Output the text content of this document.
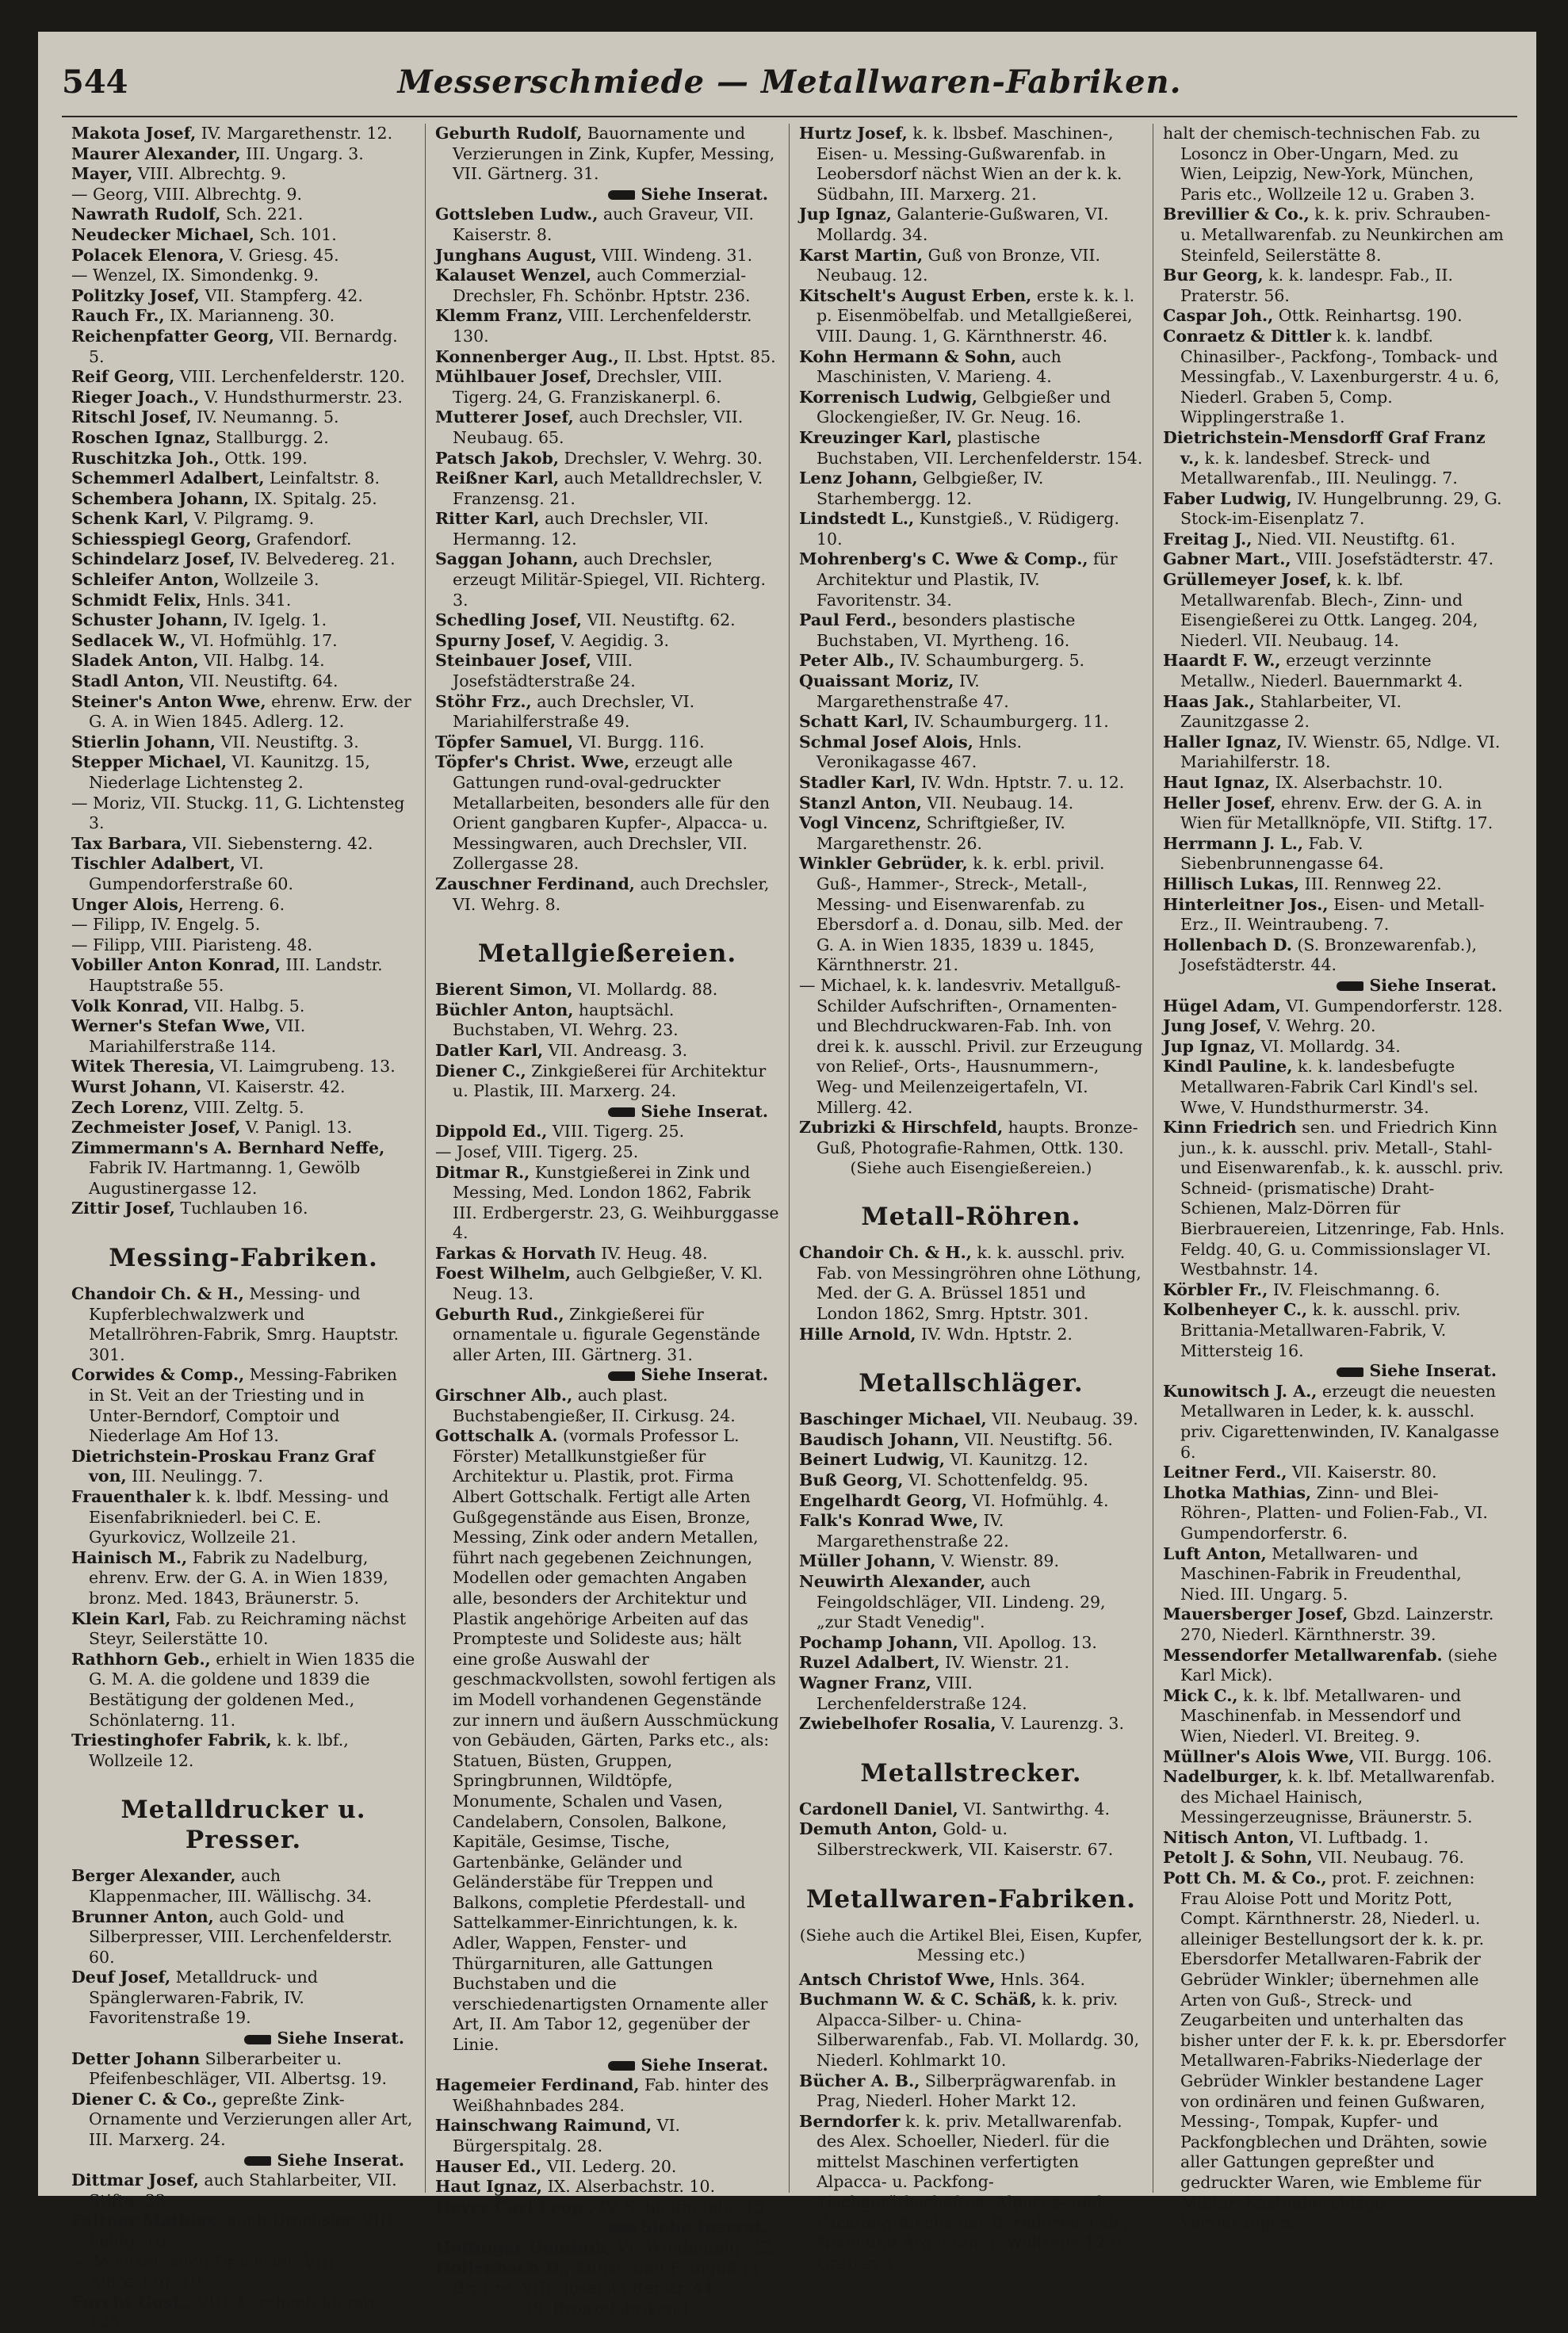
544	Messerschmiede — Metallwaren-Fabriken.

Makota Josef, IV. Margarethenstr. 12.

Maurer Alexander, III. Ungarg. 3.

Mayer, VIII. Albrechtg. 9.

— Georg, VIII. Albrechtg. 9.

Nawrath Rudolf, Sch. 221.

Neudecker Michael, Sch. 101.

Polacek Elenora, V. Griesg. 45.

— Wenzel, IX. Simondenkg. 9.

Politzky Josef, VII. Stampferg. 42.

Rauch Fr., IX. Marianneng. 30.

Reichenpfatter Georg, VII. Bernardg. 5.

Reif Georg, VIII. Lerchenfelderstr. 120.

Rieger Joach., V. Hundsthurmerstr. 23.

Ritschl Josef, IV. Neumanng. 5.

Roschen Ignaz, Stallburgg. 2.

Ruschitzka Joh., Ottk. 199.

Schemmerl Adalbert, Leinfaltstr. 8.

Schembera Johann, IX. Spitalg. 25.

Schenk Karl, V. Pilgramg. 9.

Schiesspiegl Georg, Grafendorf.

Schindelarz Josef, IV. Belvedereg. 21.

Schleifer Anton, Wollzeile 3.

Schmidt Felix, Hnls. 341.

Schuster Johann, IV. Igelg. 1.

Sedlacek W., VI. Hofmühlg. 17.

Sladek Anton, VII. Halbg. 14.

Stadl Anton, VII. Neustiftg. 64.

Steiner's Anton Wwe, ehrenw. Erw. der G. A. in Wien 1845. Adlerg. 12.

Stierlin Johann, VII. Neustiftg. 3.

Stepper Michael, VI. Kaunitzg. 15, Niederlage Lichtensteg 2.

— Moriz, VII. Stuckg. 11, G. Lichtensteg 3.

Tax Barbara, VII. Siebensterng. 42.

Tischler Adalbert, VI. Gumpendorferstraße 60.

Unger Alois, Herreng. 6.

— Filipp, IV. Engelg. 5.

— Filipp, VIII. Piaristeng. 48.

Vobiller Anton Konrad, III. Landstr. Hauptstraße 55.

Volk Konrad, VII. Halbg. 5.

Werner's Stefan Wwe, VII. Mariahilferstraße 114.

Witek Theresia, VI. Laimgrubeng. 13.

Wurst Johann, VI. Kaiserstr. 42.

Zech Lorenz, VIII. Zeltg. 5.

Zechmeister Josef, V. Panigl. 13.

Zimmermann's A. Bernhard Neffe, Fabrik IV. Hartmanng. 1, Gewölb Augustinergasse 12.

Zittir Josef, Tuchlauben 16.

Messing-Fabriken.

Chandoir Ch. & H., Messing- und Kupferblechwalzwerk und Metallröhren-Fabrik, Smrg. Hauptstr. 301.

Corwides & Comp., Messing-Fabriken in St. Veit an der Triesting und in Unter-Berndorf, Comptoir und Niederlage Am Hof 13.

Dietrichstein-Proskau Franz Graf von, III. Neulingg. 7.

Frauenthaler k. k. lbdf. Messing- und Eisenfabrikniederl. bei C. E. Gyurkovicz, Wollzeile 21.

Hainisch M., Fabrik zu Nadelburg, ehrenv. Erw. der G. A. in Wien 1839, bronz. Med. 1843, Bräunerstr. 5.

Klein Karl, Fab. zu Reichraming nächst Steyr, Seilerstätte 10.

Rathhorn Geb., erhielt in Wien 1835 die G. M. A. die goldene und 1839 die Bestätigung der goldenen Med., Schönlaterng. 11.

Triestinghofer Fabrik, k. k. lbf., Wollzeile 12.

Metalldrucker u. Presser.

Berger Alexander, auch Klappenmacher, III. Wällischg. 34.

Brunner Anton, auch Gold- und Silberpresser, VIII. Lerchenfelderstr. 60.

Deuf Josef, Metalldruck- und Spänglerwaren-Fabrik, IV. Favoritenstraße 19.

Siehe Inserat.

Detter Johann Silberarbeiter u. Pfeifenbeschläger, VII. Albertsg. 19.

Diener C. & Co., gepreßte Zink-Ornamente und Verzierungen aller Art, III. Marxerg. 24.

Siehe Inserat.

Dittmar Josef, auch Stahlarbeiter, VII. Stiftg. 33.

Faltner Mathias, auch Drechsler, VIII. Feldg. 10.

— Michael, auch Drechsler, VIII. Albrechtg. 10.

Furcht Gust., VIII. Lerchenfelderstr. 125.

Geburth Rudolf, Bauornamente und Verzierungen in Zink, Kupfer, Messing, VII. Gärtnerg. 31.

Siehe Inserat.

Gottsleben Ludw., auch Graveur, VII. Kaiserstr. 8.

Junghans August, VIII. Windeng. 31.

Kalauset Wenzel, auch Commerzial-Drechsler, Fh. Schönbr. Hptstr. 236.

Klemm Franz, VIII. Lerchenfelderstr. 130.

Konnenberger Aug., II. Lbst. Hptst. 85.

Mühlbauer Josef, Drechsler, VIII. Tigerg. 24, G. Franziskanerpl. 6.

Mutterer Josef, auch Drechsler, VII. Neubaug. 65.

Patsch Jakob, Drechsler, V. Wehrg. 30.

Reißner Karl, auch Metalldrechsler, V. Franzensg. 21.

Ritter Karl, auch Drechsler, VII. Hermanng. 12.

Saggan Johann, auch Drechsler, erzeugt Militär-Spiegel, VII. Richterg. 3.

Schedling Josef, VII. Neustiftg. 62.

Spurny Josef, V. Aegidig. 3.

Steinbauer Josef, VIII. Josefstädterstraße 24.

Stöhr Frz., auch Drechsler, VI. Mariahilferstraße 49.

Töpfer Samuel, VI. Burgg. 116.

Töpfer's Christ. Wwe, erzeugt alle Gattungen rund-oval-gedruckter Metallarbeiten, besonders alle für den Orient gangbaren Kupfer-, Alpacca- u. Messingwaren, auch Drechsler, VII. Zollergasse 28.

Zauschner Ferdinand, auch Drechsler, VI. Wehrg. 8.

Metallgießereien.

Bierent Simon, VI. Mollardg. 88.

Büchler Anton, hauptsächl. Buchstaben, VI. Wehrg. 23.

Datler Karl, VII. Andreasg. 3.

Diener C., Zinkgießerei für Architektur u. Plastik, III. Marxerg. 24.

Siehe Inserat.

Dippold Ed., VIII. Tigerg. 25.

— Josef, VIII. Tigerg. 25.

Ditmar R., Kunstgießerei in Zink und Messing, Med. London 1862, Fabrik III. Erdbergerstr. 23, G. Weihburggasse 4.

Farkas & Horvath IV. Heug. 48.

Foest Wilhelm, auch Gelbgießer, V. Kl. Neug. 13.

Geburth Rud., Zinkgießerei für ornamentale u. figurale Gegenstände aller Arten, III. Gärtnerg. 31.

Siehe Inserat.

Girschner Alb., auch plast. Buchstabengießer, II. Cirkusg. 24.

Gottschalk A. (vormals Professor L. Förster) Metallkunstgießer für Architektur u. Plastik, prot. Firma Albert Gottschalk. Fertigt alle Arten Gußgegenstände aus Eisen, Bronze, Messing, Zink oder andern Metallen, führt nach gegebenen Zeichnungen, Modellen oder gemachten Angaben alle, besonders der Architektur und Plastik angehörige Arbeiten auf das Prompteste und Solideste aus; hält eine große Auswahl der geschmackvollsten, sowohl fertigen als im Modell vorhandenen Gegenstände zur innern und äußern Ausschmückung von Gebäuden, Gärten, Parks etc., als: Statuen, Büsten, Gruppen, Springbrunnen, Wildtöpfe, Monumente, Schalen und Vasen, Candelabern, Consolen, Balkone, Kapitäle, Gesimse, Tische, Gartenbänke, Geländer und Geländerstäbe für Treppen und Balkons, completie Pferdestall- und Sattelkammer-Einrichtungen, k. k. Adler, Wappen, Fenster- und Thürgarnituren, alle Gattungen Buchstaben und die verschiedenartigsten Ornamente aller Art, II. Am Tabor 12, gegenüber der Linie.

Siehe Inserat.

Hagemeier Ferdinand, Fab. hinter des Weißhahnbades 284.

Hainschwang Raimund, VI. Bürgerspitalg. 28.

Hauser Ed., VII. Lederg. 20.

Haut Ignaz, IX. Alserbachstr. 10.

Heyer Carl Leop., IV. Schleifmühlg. 15.

Siehe Inserat.

Hoffinger Dominik, VI. Windmühlg. 22.

Hollenbach D., Kunst- und Feinguß in Bronze, VIII. Josefstädterstr. 44.

(S. Bronzefabriken.)

Hurtz Josef, k. k. lbsbef. Maschinen-, Eisen- u. Messing-Gußwarenfab. in Leobersdorf nächst Wien an der k. k. Südbahn, III. Marxerg. 21.

Jup Ignaz, Galanterie-Gußwaren, VI. Mollardg. 34.

Karst Martin, Guß von Bronze, VII. Neubaug. 12.

Kitschelt's August Erben, erste k. k. l. p. Eisenmöbelfab. und Metallgießerei, VIII. Daung. 1, G. Kärnthnerstr. 46.

Kohn Hermann & Sohn, auch Maschinisten, V. Marieng. 4.

Korrenisch Ludwig, Gelbgießer und Glockengießer, IV. Gr. Neug. 16.

Kreuzinger Karl, plastische Buchstaben, VII. Lerchenfelderstr. 154.

Lenz Johann, Gelbgießer, IV. Starhembergg. 12.

Lindstedt L., Kunstgieß., V. Rüdigerg. 10.

Mohrenberg's C. Wwe & Comp., für Architektur und Plastik, IV. Favoritenstr. 34.

Paul Ferd., besonders plastische Buchstaben, VI. Myrtheng. 16.

Peter Alb., IV. Schaumburgerg. 5.

Quaissant Moriz, IV. Margarethenstraße 47.

Schatt Karl, IV. Schaumburgerg. 11.

Schmal Josef Alois, Hnls. Veronikagasse 467.

Stadler Karl, IV. Wdn. Hptstr. 7. u. 12.

Stanzl Anton, VII. Neubaug. 14.

Vogl Vincenz, Schriftgießer, IV. Margarethenstr. 26.

Winkler Gebrüder, k. k. erbl. privil. Guß-, Hammer-, Streck-, Metall-, Messing- und Eisenwarenfab. zu Ebersdorf a. d. Donau, silb. Med. der G. A. in Wien 1835, 1839 u. 1845, Kärnthnerstr. 21.

— Michael, k. k. landesvriv. Metallguß-Schilder Aufschriften-, Ornamenten- und Blechdruckwaren-Fab. Inh. von drei k. k. ausschl. Privil. zur Erzeugung von Relief-, Orts-, Hausnummern-, Weg- und Meilenzeigertafeln, VI. Millerg. 42.

Zubrizki & Hirschfeld, haupts. Bronze-Guß, Photografie-Rahmen, Ottk. 130.

(Siehe auch Eisengießereien.)
Metall-Röhren.

Chandoir Ch. & H., k. k. ausschl. priv. Fab. von Messingröhren ohne Löthung, Med. der G. A. Brüssel 1851 und London 1862, Smrg. Hptstr. 301.

Hille Arnold, IV. Wdn. Hptstr. 2.

Metallschläger.

Baschinger Michael, VII. Neubaug. 39.

Baudisch Johann, VII. Neustiftg. 56.

Beinert Ludwig, VI. Kaunitzg. 12.

Buß Georg, VI. Schottenfeldg. 95.

Engelhardt Georg, VI. Hofmühlg. 4.

Falk's Konrad Wwe, IV. Margarethenstraße 22.

Müller Johann, V. Wienstr. 89.

Neuwirth Alexander, auch Feingoldschläger, VII. Lindeng. 29, „zur Stadt Venedig".

Pochamp Johann, VII. Apollog. 13.

Ruzel Adalbert, IV. Wienstr. 21.

Wagner Franz, VIII. Lerchenfelderstraße 124.

Zwiebelhofer Rosalia, V. Laurenzg. 3.

Metallstrecker.

Cardonell Daniel, VI. Santwirthg. 4.

Demuth Anton, Gold- u. Silberstreckwerk, VII. Kaiserstr. 67.

Metallwaren-Fabriken.
(Siehe auch die Artikel Blei, Eisen, Kupfer, Messing etc.)

Antsch Christof Wwe, Hnls. 364.

Buchmann W. & C. Schäß, k. k. priv. Alpacca-Silber- u. China-Silberwarenfab., Fab. VI. Mollardg. 30, Niederl. Kohlmarkt 10.

Bücher A. B., Silberprägwarenfab. in Prag, Niederl. Hoher Markt 12.

Berndorfer k. k. priv. Metallwarenfab. des Alex. Schoeller, Niederl. für die mittelst Maschinen verfertigten Alpacca- u. Packfong-Tischgeräthschaften, Alpacca- und Packfong-Bleche der Berndorfer-Fab., Nikel und Argentan, I. Wollzeile 12 u. Graben 3.

halt der chemisch-technischen Fab. zu Losoncz in Ober-Ungarn, Med. zu Wien, Leipzig, New-York, München, Paris etc., Wollzeile 12 u. Graben 3.

Brevillier & Co., k. k. priv. Schrauben- u. Metallwarenfab. zu Neunkirchen am Steinfeld, Seilerstätte 8.

Bur Georg, k. k. landespr. Fab., II. Praterstr. 56.

Caspar Joh., Ottk. Reinhartsg. 190.

Conraetz & Dittler k. k. landbf. Chinasilber-, Packfong-, Tomback- und Messingfab., V. Laxenburgerstr. 4 u. 6, Niederl. Graben 5, Comp. Wipplingerstraße 1.

Dietrichstein-Mensdorff Graf Franz v., k. k. landesbef. Streck- und Metallwarenfab., III. Neulingg. 7.

Faber Ludwig, IV. Hungelbrunng. 29, G. Stock-im-Eisenplatz 7.

Freitag J., Nied. VII. Neustiftg. 61.

Gabner Mart., VIII. Josefstädterstr. 47.

Grüllemeyer Josef, k. k. lbf. Metallwarenfab. Blech-, Zinn- und Eisengießerei zu Ottk. Langeg. 204, Niederl. VII. Neubaug. 14.

Haardt F. W., erzeugt verzinnte Metallw., Niederl. Bauernmarkt 4.

Haas Jak., Stahlarbeiter, VI. Zaunitzgasse 2.

Haller Ignaz, IV. Wienstr. 65, Ndlge. VI. Mariahilferstr. 18.

Haut Ignaz, IX. Alserbachstr. 10.

Heller Josef, ehrenv. Erw. der G. A. in Wien für Metallknöpfe, VII. Stiftg. 17.

Herrmann J. L., Fab. V. Siebenbrunnengasse 64.

Hillisch Lukas, III. Rennweg 22.

Hinterleitner Jos., Eisen- und Metall-Erz., II. Weintraubeng. 7.

Hollenbach D. (S. Bronzewarenfab.), Josefstädterstr. 44.

Siehe Inserat.

Hügel Adam, VI. Gumpendorferstr. 128.

Jung Josef, V. Wehrg. 20.

Jup Ignaz, VI. Mollardg. 34.

Kindl Pauline, k. k. landesbefugte Metallwaren-Fabrik Carl Kindl's sel. Wwe, V. Hundsthurmerstr. 34.

Kinn Friedrich sen. und Friedrich Kinn jun., k. k. ausschl. priv. Metall-, Stahl- und Eisenwarenfab., k. k. ausschl. priv. Schneid- (prismatische) Draht-Schienen, Malz-Dörren für Bierbrauereien, Litzenringe, Fab. Hnls. Feldg. 40, G. u. Commissionslager VI. Westbahnstr. 14.

Körbler Fr., IV. Fleischmanng. 6.

Kolbenheyer C., k. k. ausschl. priv. Brittania-Metallwaren-Fabrik, V. Mittersteig 16.

Siehe Inserat.

Kunowitsch J. A., erzeugt die neuesten Metallwaren in Leder, k. k. ausschl. priv. Cigarettenwinden, IV. Kanalgasse 6.

Leitner Ferd., VII. Kaiserstr. 80.

Lhotka Mathias, Zinn- und Blei-Röhren-, Platten- und Folien-Fab., VI. Gumpendorferstr. 6.

Luft Anton, Metallwaren- und Maschinen-Fabrik in Freudenthal, Nied. III. Ungarg. 5.

Mauersberger Josef, Gbzd. Lainzerstr. 270, Niederl. Kärnthnerstr. 39.

Messendorfer Metallwarenfab. (siehe Karl Mick).

Mick C., k. k. lbf. Metallwaren- und Maschinenfab. in Messendorf und Wien, Niederl. VI. Breiteg. 9.

Müllner's Alois Wwe, VII. Burgg. 106.

Nadelburger, k. k. lbf. Metallwarenfab. des Michael Hainisch, Messingerzeugnisse, Bräunerstr. 5.

Nitisch Anton, VI. Luftbadg. 1.

Petolt J. & Sohn, VII. Neubaug. 76.

Pott Ch. M. & Co., prot. F. zeichnen: Frau Aloise Pott und Moritz Pott, Compt. Kärnthnerstr. 28, Niederl. u. alleiniger Bestellungsort der k. k. pr. Ebersdorfer Metallwaren-Fabrik der Gebrüder Winkler; übernehmen alle Arten von Guß-, Streck- und Zeugarbeiten und unterhalten das bisher unter der F. k. k. pr. Ebersdorfer Metallwaren-Fabriks-Niederlage der Gebrüder Winkler bestandene Lager von ordinären und feinen Gußwaren, Messing-, Tompak, Kupfer- und Packfongblechen und Drähten, sowie aller Gattungen gepreßter und gedruckter Waren, wie Embleme für Militär, Kästenbeschläge, Verzierungen.
